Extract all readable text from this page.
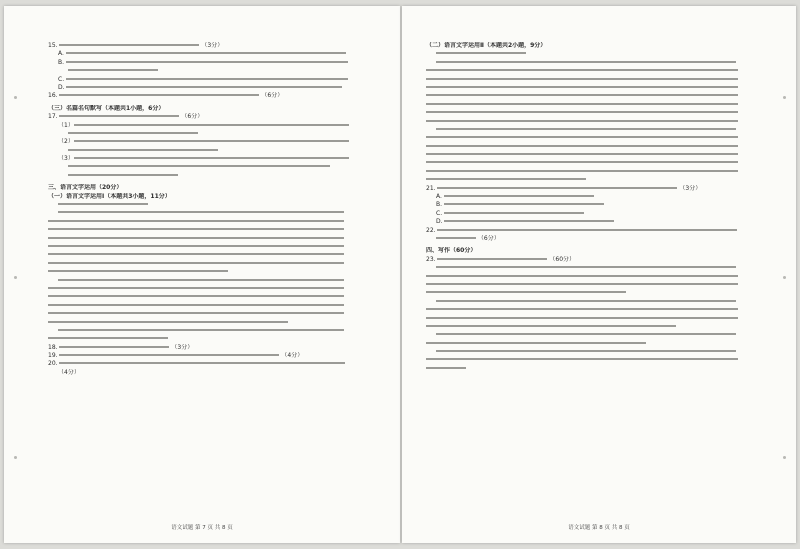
15.	（3分）
A.
B.
C.
D.
16.	（6分）
（三）名篇名句默写（本题共1小题，6分）
17.	（6分）
（1）
（2）
（3）
三、语言文字运用（20分）
（一）语言文字运用Ⅰ（本题共3小题，11分）
18.	（3分）
19.	（4分）
20.
（4分）
语文试题 第 7 页 共 8 页
（二）语言文字运用Ⅱ（本题共2小题，9分）
21.	（3分）
A.
B.
C.
D.
22.
（6分）
四、写作（60分）
23.	（60分）
语文试题 第 8 页 共 8 页
